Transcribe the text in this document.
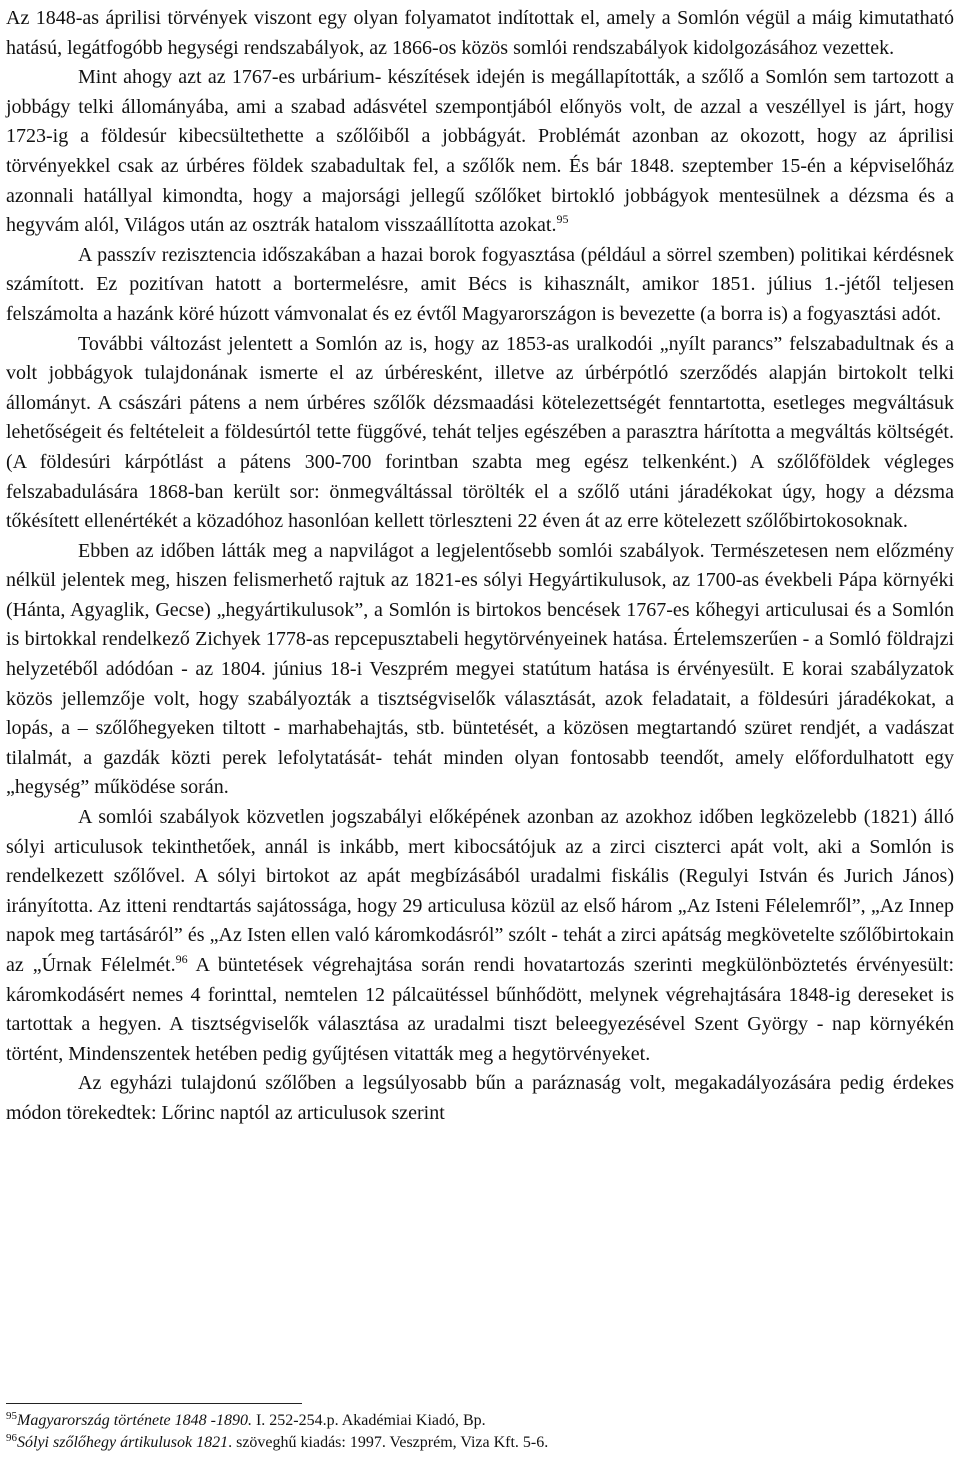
Az 1848-as áprilisi törvények viszont egy olyan folyamatot indítottak el, amely a Somlón végül a máig kimutatható hatású, legátfogóbb hegységi rendszabályok, az 1866-os közös somlói rendszabályok kidolgozásához vezettek.

Mint ahogy azt az 1767-es urbárium- készítések idején is megállapították, a szőlő a Somlón sem tartozott a jobbágy telki állományába, ami a szabad adásvétel szempontjából előnyös volt, de azzal a veszéllyel is járt, hogy 1723-ig a földesúr kibecsültethette a szőlőiből a jobbágyát. Problémát azonban az okozott, hogy az áprilisi törvényekkel csak az úrbéres földek szabadultak fel, a szőlők nem. És bár 1848. szeptember 15-én a képviselőház azonnali hatállyal kimondta, hogy a majorsági jellegű szőlőket birtokló jobbágyok mentesülnek a dézsma és a hegyvám alól, Világos után az osztrák hatalom visszaállította azokat.$^{95}$

A passzív rezisztencia időszakában a hazai borok fogyasztása (például a sörrel szemben) politikai kérdésnek számított. Ez pozitívan hatott a bortermelésre, amit Bécs is kihasznált, amikor 1851. július 1.-jétől teljesen felszámolta a hazánk köré húzott vámvonalat és ez évtől Magyarországon is bevezette (a borra is) a fogyasztási adót.

További változást jelentett a Somlón az is, hogy az 1853-as uralkodói „nyílt parancs” felszabadultnak és a volt jobbágyok tulajdonának ismerte el az úrbéresként, illetve az úrbérpótló szerződés alapján birtokolt telki állományt. A császári pátens a nem úrbéres szőlők dézsmaadási kötelezettségét fenntartotta, esetleges megváltásuk lehetőségeit és feltételeit a földesúrtól tette függővé, tehát teljes egészében a parasztra hárította a megváltás költségét. (A földesúri kárpótlást a pátens 300-700 forintban szabta meg egész telkenként.) A szőlőföldek végleges felszabadulására 1868-ban került sor: önmegváltással törölték el a szőlő utáni járadékokat úgy, hogy a dézsma tőkésített ellenértékét a közadóhoz hasonlóan kellett törleszteni 22 éven át az erre kötelezett szőlőbirtokosoknak.

Ebben az időben látták meg a napvilágot a legjelentősebb somlói szabályok. Természetesen nem előzmény nélkül jelentek meg, hiszen felismerhető rajtuk az 1821-es sólyi Hegyártikulusok, az 1700-as évekbeli Pápa környéki (Hánta, Agyaglik, Gecse) „hegyártikulusok”, a Somlón is birtokos bencések 1767-es kőhegyi articulusai és a Somlón is birtokkal rendelkező Zichyek 1778-as repcepusztabeli hegytörvényeinek hatása. Értelemszerűen - a Somló földrajzi helyzetéből adódóan - az 1804. június 18-i Veszprém megyei statútum hatása is érvényesült. E korai szabályzatok közös jellemzője volt, hogy szabályozták a tisztségviselők választását, azok feladatait, a földesúri járadékokat, a lopás, a – szőlőhegyeken tiltott - marhabehajtás, stb. büntetését, a közösen megtartandó szüret rendjét, a vadászat tilalmát, a gazdák közti perek lefolytatását- tehát minden olyan fontosabb teendőt, amely előfordulhatott egy „hegység” működése során.

A somlói szabályok közvetlen jogszabályi előképének azonban az azokhoz időben legközelebb (1821) álló sólyi articulusok tekinthetőek, annál is inkább, mert kibocsátójuk az a zirci ciszterci apát volt, aki a Somlón is rendelkezett szőlővel. A sólyi birtokot az apát megbízásából uradalmi fiskális (Regulyi István és Jurich János) irányította. Az itteni rendtartás sajátossága, hogy 29 articulusa közül az első három „Az Isteni Félelemről”, „Az Innep napok meg tartásáról” és „Az Isten ellen való káromkodásról” szólt - tehát a zirci apátság megkövetelte szőlőbirtokain az „Úrnak Félelmét.$^{96}$ A büntetések végrehajtása során rendi hovatartozás szerinti megkülönböztetés érvényesült: káromkodásért nemes 4 forinttal, nemtelen 12 pálcaütéssel bűnhődött, melynek végrehajtására 1848-ig dereseket is tartottak a hegyen. A tisztségviselők választása az uradalmi tiszt beleegyezésével Szent György - nap környékén történt, Mindenszentek hetében pedig gyűjtésen vitatták meg a hegytörvényeket.

Az egyházi tulajdonú szőlőben a legsúlyosabb bűn a paráznaság volt, megakadályozására pedig érdekes módon törekedtek: Lőrinc naptól az articulusok szerint

$^{95}$Magyarország története 1848 -1890. I. 252-254.p. Akadémiai Kiadó, Bp.
$^{96}$Sólyi szőlőhegy ártikulusok 1821. szöveghű kiadás: 1997. Veszprém, Viza Kft. 5-6.
